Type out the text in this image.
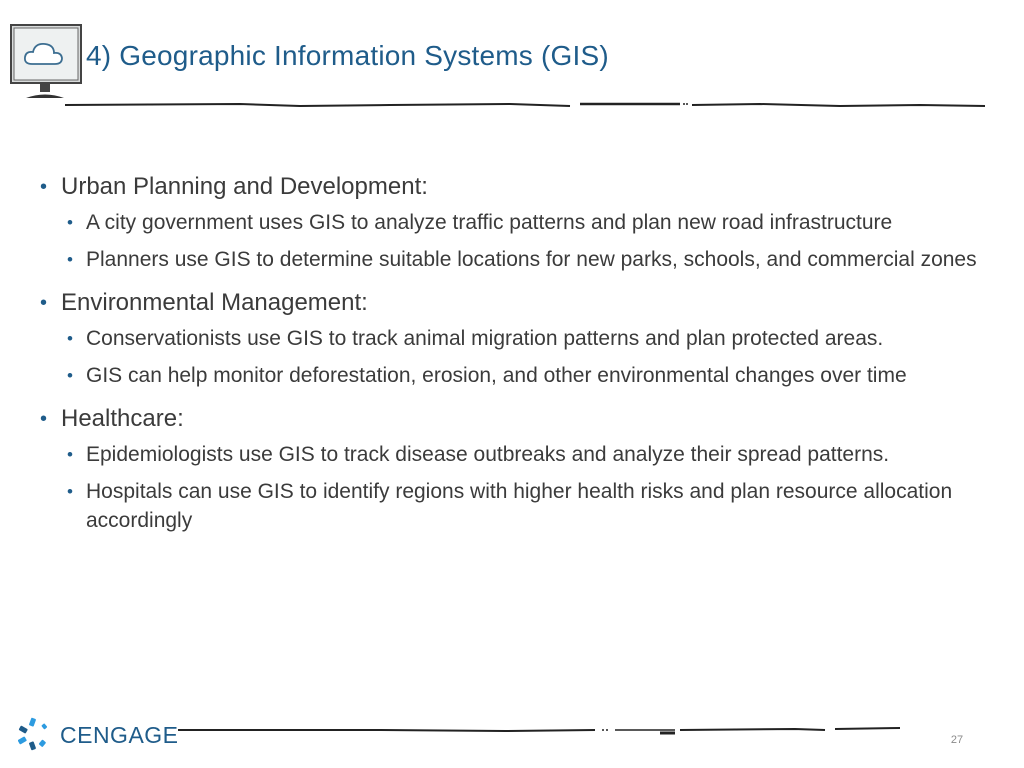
4) Geographic Information Systems (GIS)
• Urban Planning and Development:
• A city government uses GIS to analyze traffic patterns and plan new road infrastructure
• Planners use GIS to determine suitable locations for new parks, schools, and commercial zones
• Environmental Management:
• Conservationists use GIS to track animal migration patterns and plan protected areas.
• GIS can help monitor deforestation, erosion, and other environmental changes over time
• Healthcare:
• Epidemiologists use GIS to track disease outbreaks and analyze their spread patterns.
• Hospitals can use GIS to identify regions with higher health risks and plan resource allocation accordingly
CENGAGE	27
